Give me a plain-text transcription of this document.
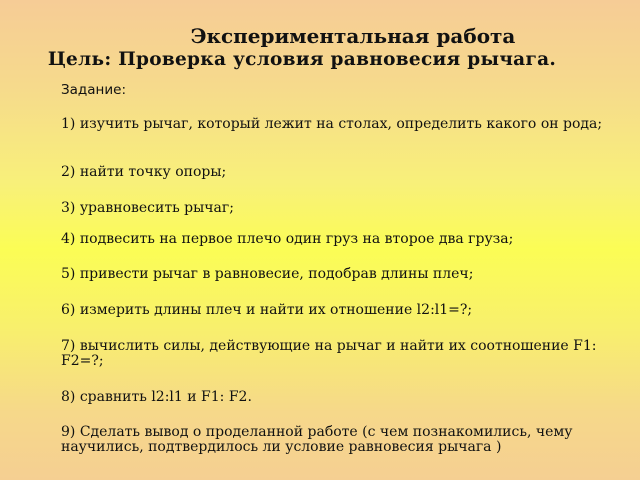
Экспериментальная работа
Цель: Проверка условия равновесия рычага.
Задание:

1) изучить рычаг, который лежит на столах, определить какого он рода;

2) найти точку опоры;

3) уравновесить рычаг;

4) подвесить на первое плечо один груз на второе два груза;

5) привести рычаг в равновесие, подобрав длины плеч;

6) измерить длины плеч и найти их отношение l2:l1=?;

7) вычислить силы, действующие на рычаг и найти их соотношение F1: F2=?;

8) сравнить l2:l1 и F1: F2.

9) Сделать вывод о проделанной работе (с чем познакомились, чему научились, подтвердилось ли условие равновесия рычага )
